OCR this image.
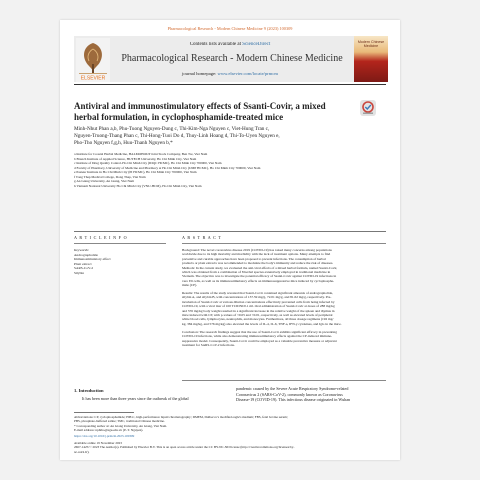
Pharmacological Research - Modern Chinese Medicine 9 (2023) 100309
ELSEVIER
Modern Chinese Medicine
Contents lists available at ScienceDirect
Pharmacological Research - Modern Chinese Medicine
journal homepage: www.elsevier.com/locate/prmcm
Antiviral and immunostimulatory effects of Ssanti-Covir, a mixed herbal formulation, in cyclophosphamide-treated mice
Minh-Nhut Phan a,b, Phu-Tuong Nguyen-Dung c, Thi-Kim-Nga Nguyen c, Viet-Hung Tran c,
Nguyen-Truong-Thang Phan c, Thi-Hong-Tuoi Do d, Thuy-Linh Hoang d, Thi-To-Uyen Nguyen e,
Pho-Tho Nguyen f,g,h, Huu-Thanh Nguyen b,*
a Institute for Coastal Herbal Medicine, HALMOHOUP Joint Stock Company, Ben Tre, Viet Nam
b Branch Institute of Applied Science, HUTECH University, Ho Chi Minh City, Viet Nam
c Institute of Drug Quality Control-Ho Chi Minh City (IDQC HCMC), Ho Chi Minh City 700000, Viet Nam
d Faculty of Pharmacy, University of Medicine and Pharmacy at Ho Chi Minh City (UMP HCMC), Ho Chi Minh City 700000, Viet Nam
e Pasteur Institute in Ho Chi Minh City (PI HCMC), Ho Chi Minh City 700000, Viet Nam
f Tong Thap Medical College, Dong Thap, Viet Nam
g An Giang University, An Giang, Viet Nam
h Vietnam National University Ho Chi Minh City (VNU-HCM), Ho Chi Minh City, Viet Nam
A R T I C L E I N F O	A B S T R A C T
Keywords:
Andrographolide
Immunostimulatory effect
Plant extract
SARS-CoV-2
Silybin
Background: The novel coronavirus disease 2019 (COVID-19) has raised many concerns among populations
worldwide due to its high mortality and morbidity with the lack of treatment options. Many attempts to find
preventive and curable approaches have been proposed to prevent infections. The consumption of herbal
products or plant extracts was recommended to modulate the body's immunity and reduce the risk of diseases.
Methods: In the current study, we evaluated the anti-viral effects of a mixed herbal formula, named Ssanti-Covir,
which was obtained from a combination of 8 herbal species extensively employed in traditional medicine in
Vietnam. The objective was to investigate the potential efficacy of Ssanti-Covir against COVID-19 infections in
vero E6 cells, as well as its immunostimulatory effects on immunosuppressive mice induced by cyclophospha-
mide (CP).
Results: The results of the study revealed that Ssanti-Covir contained significant amounts of andrographolide,
silybin A, and silybin B, with concentrations of 137.59 mg/g, 72.01 mg/g, and 81.62 mg/g, respectively. Pre-
incubation of Ssanti-Covir at various dilution concentrations effectively prevented cells from being infected by
COVID-19, with a viral titer of 100 TCID50/0.1 ml. Oral administration of Ssanti-Covir at doses of 288 mg/kg
and 576 mg/kg body weight resulted in a significant increase in the relative weight of the spleen and thymus in
mice induced with CP, with p-values of <0.05 and <0.01, respectively, as well as elevated levels of peripheral
white blood cells, lymphocytes, neutrophils, and monocytes. Furthermore, all three dosage regimens (192 mg/
kg, 384 mg/kg, and 576 mg/kg) also elevated the levels of IL-4, IL-6, TNF-a, IFN-y cytokines, and IgG in the mice.
Conclusion: The research findings suggest that the use of Ssanti-Covir exhibits significant efficacy in preventing
COVID-19 infections, while also demonstrating immunostimulatory effects against the CP-induced immune-
suppressive model. Consequently, Ssanti-Covir could be employed as a valuable preventive measure or adjuvant
treatment for SARS-CoV-2 infections.
1. Introduction
It has been more than three years since the outbreak of the global
pandemic caused by the Severe Acute Respiratory Syndrome-related
Coronavirus 2 (SARS-CoV-2), commonly known as Coronavirus
Disease-19 (COVID-19). This infectious disease originated in Wuhan
Abbreviations: CP, cyclophosphamide; HPLC, high-performance liquid chromatography; DMEM, Dulbecco's modified eagle's medium; FBS, fetal bovine serum;
PBS, phosphate-buffered saline; TMC, traditional Chinese medicine.
* Corresponding author at: An Giang University, An Giang, Viet Nam.
E-mail address: nphtho@agu.edu.vn (P.-T. Nguyen).
https://doi.org/10.1016/j.prmcm.2023.100309
Available online 19 November 2023
2667-1425/© 2023 The Author(s). Published by Elsevier B.V. This is an open access article under the CC BY-NC-ND license (http://creativecommons.org/licenses/by-
nc-nd/4.0/).
